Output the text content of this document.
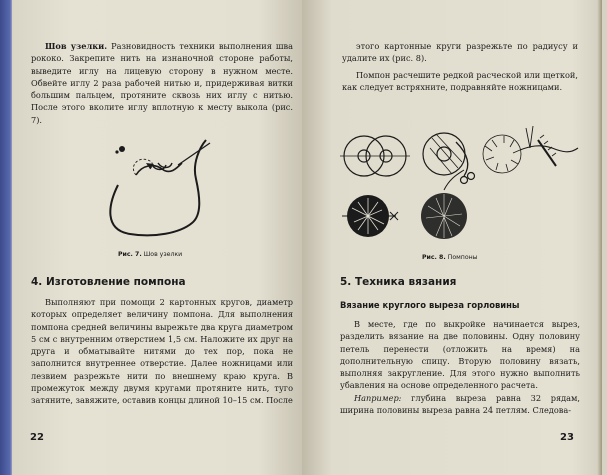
Шов узелки. Разновидность техники выполнения шва рококо. Закрепите нить на изнаночной стороне работы, выведите иглу на лицевую сторону в нужном месте. Обвейте иглу 2 раза рабочей нитью и, придерживая витки большим пальцем, протяните сквозь них иглу с нитью. После этого вколите иглу вплотную к месту выкола (рис. 7).

Рис. 7. Шов узелки
4. Изготовление помпона

Выполняют при помощи 2 картонных кругов, диаметр которых определяет величину помпона. Для выполнения помпона средней величины вырежьте два круга диаметром 5 см с внутренним отверстием 1,5 см. Наложите их друг на друга и обматывайте нитями до тех пор, пока не заполнится внутреннее отверстие. Далее ножницами или лезвием разрежьте нити по внешнему краю круга. В промежуток между двумя кругами протяните нить, туго затяните, завяжите, оставив концы длиной 10–15 см. После

22

этого картонные круги разрежьте по радиусу и удалите их (рис. 8).

Помпон расчешите редкой расческой или щеткой, как следует встряхните, подравняйте ножницами.

Рис. 8. Помпоны
5. Техника вязания
Вязание круглого выреза горловины

В месте, где по выкройке начинается вырез, разделить вязание на две половины. Одну половину петель перенести (отложить на время) на дополнительную спицу. Вторую половину вязать, выполняя закругление. Для этого нужно выполнить убавления на основе определенного расчета.

Например: глубина выреза равна 32 рядам, ширина половины выреза равна 24 петлям. Следова-

23
